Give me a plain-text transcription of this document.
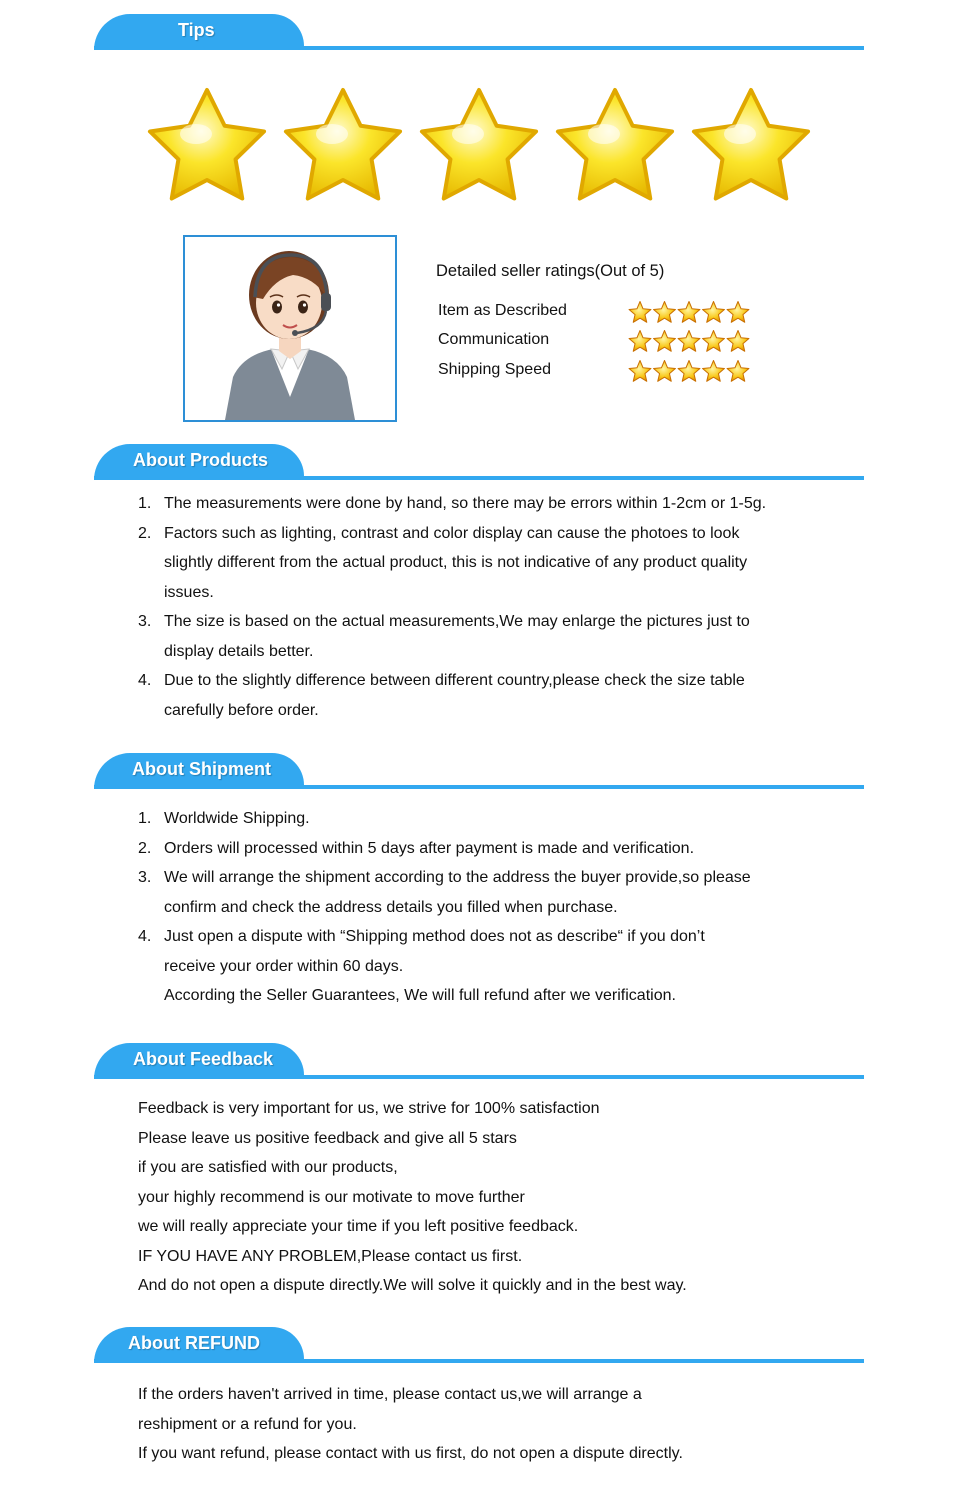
Tips
Detailed seller ratings(Out of 5)
Item as Described
Communication
Shipping Speed
About Products
1. The measurements were done by hand, so there may be errors within 1-2cm or 1-5g.
2. Factors such as lighting, contrast and color display can cause the photoes to look
slightly different from the actual product, this is not indicative of any product quality
issues.
3. The size is based on the actual measurements,We may enlarge the pictures just to
display details better.
4. Due to the slightly difference between different country,please check the size table
carefully before order.
About Shipment
1. Worldwide Shipping.
2. Orders will processed within 5 days after payment is made and verification.
3. We will arrange the shipment according to the address the buyer provide,so please
confirm and check the address details you filled when purchase.
4. Just open a dispute with “Shipping method does not as describe“ if you don’t
receive your order within 60 days.
According the Seller Guarantees, We will full refund after we verification.
About Feedback
Feedback is very important for us, we strive for 100% satisfaction
Please leave us positive feedback and give all 5 stars
if you are satisfied with our products,
your highly recommend is our motivate to move further
we will really appreciate your time if you left positive feedback.
IF YOU HAVE ANY PROBLEM,Please contact us first.
And do not open a dispute directly.We will solve it quickly and in the best way.
About REFUND
If the orders haven't arrived in time, please contact us,we will arrange a
reshipment or a refund for you.
If you want refund, please contact with us first, do not open a dispute directly.
